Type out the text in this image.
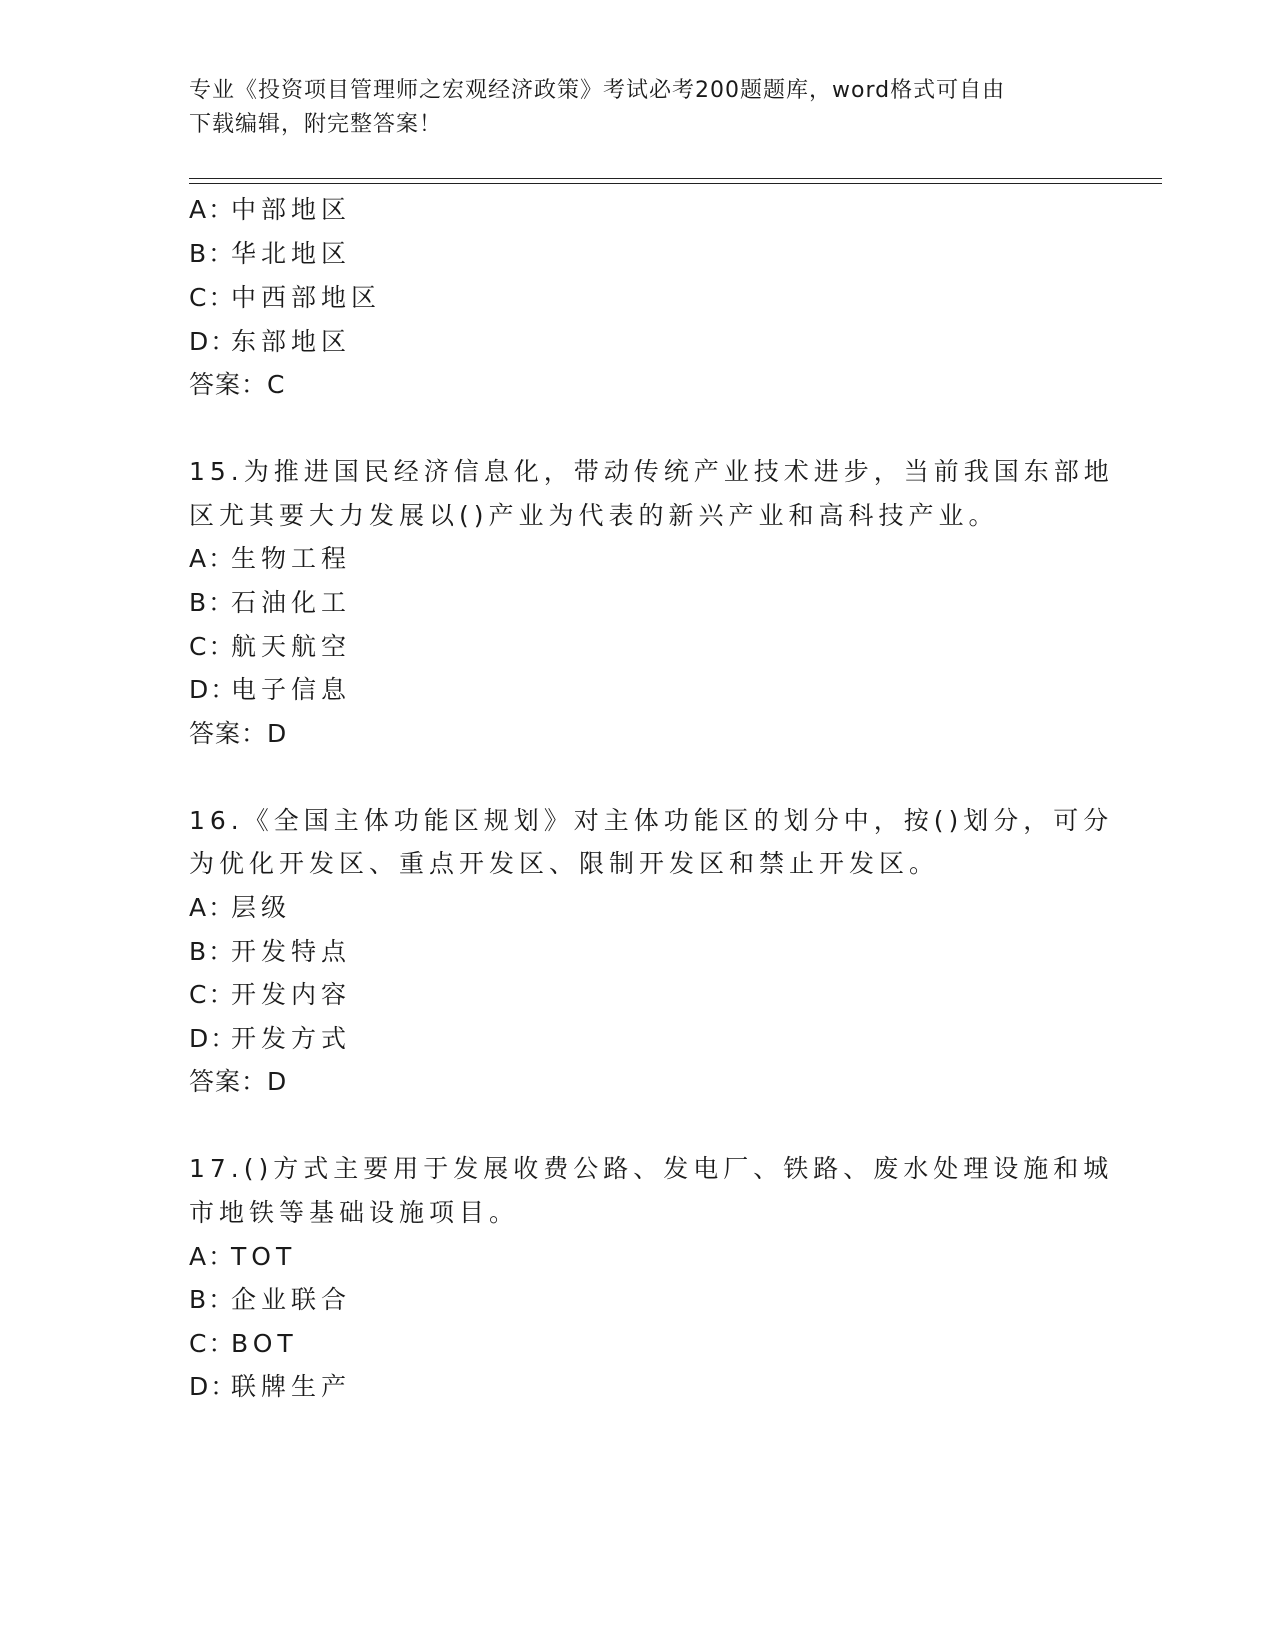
专业《投资项目管理师之宏观经济政策》考试必考200题题库，word格式可自由
下载编辑，附完整答案！
A：中部地区
B：华北地区
C：中西部地区
D：东部地区
答案：C
15.为推进国民经济信息化，带动传统产业技术进步，当前我国东部地
区尤其要大力发展以()产业为代表的新兴产业和高科技产业。
A：生物工程
B：石油化工
C：航天航空
D：电子信息
答案：D
16.《全国主体功能区规划》对主体功能区的划分中，按()划分，可分
为优化开发区、重点开发区、限制开发区和禁止开发区。
A：层级
B：开发特点
C：开发内容
D：开发方式
答案：D
17.()方式主要用于发展收费公路、发电厂、铁路、废水处理设施和城
市地铁等基础设施项目。
A：TOT
B：企业联合
C：BOT
D：联牌生产
